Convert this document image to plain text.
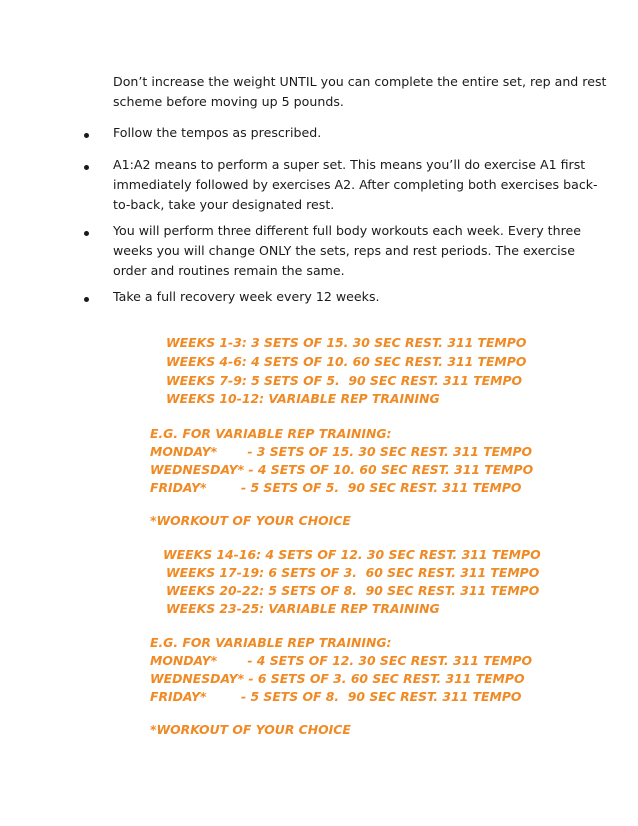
Don’t increase the weight UNTIL you can complete the entire set, rep and rest
scheme before moving up 5 pounds.
Follow the tempos as prescribed.
A1:A2 means to perform a super set. This means you’ll do exercise A1 first
immediately followed by exercises A2. After completing both exercises back-
to-back, take your designated rest.
You will perform three different full body workouts each week. Every three
weeks you will change ONLY the sets, reps and rest periods. The exercise
order and routines remain the same.
Take a full recovery week every 12 weeks.
WEEKS 1-3: 3 SETS OF 15. 30 SEC REST. 311 TEMPO
WEEKS 4-6: 4 SETS OF 10. 60 SEC REST. 311 TEMPO
WEEKS 7-9: 5 SETS OF 5.  90 SEC REST. 311 TEMPO
WEEKS 10-12: VARIABLE REP TRAINING
E.G. FOR VARIABLE REP TRAINING:
MONDAY*       - 3 SETS OF 15. 30 SEC REST. 311 TEMPO
WEDNESDAY* - 4 SETS OF 10. 60 SEC REST. 311 TEMPO
FRIDAY*        - 5 SETS OF 5.  90 SEC REST. 311 TEMPO
*WORKOUT OF YOUR CHOICE
WEEKS 14-16: 4 SETS OF 12. 30 SEC REST. 311 TEMPO
WEEKS 17-19: 6 SETS OF 3.  60 SEC REST. 311 TEMPO
WEEKS 20-22: 5 SETS OF 8.  90 SEC REST. 311 TEMPO
WEEKS 23-25: VARIABLE REP TRAINING
E.G. FOR VARIABLE REP TRAINING:
MONDAY*       - 4 SETS OF 12. 30 SEC REST. 311 TEMPO
WEDNESDAY* - 6 SETS OF 3. 60 SEC REST. 311 TEMPO
FRIDAY*        - 5 SETS OF 8.  90 SEC REST. 311 TEMPO
*WORKOUT OF YOUR CHOICE
